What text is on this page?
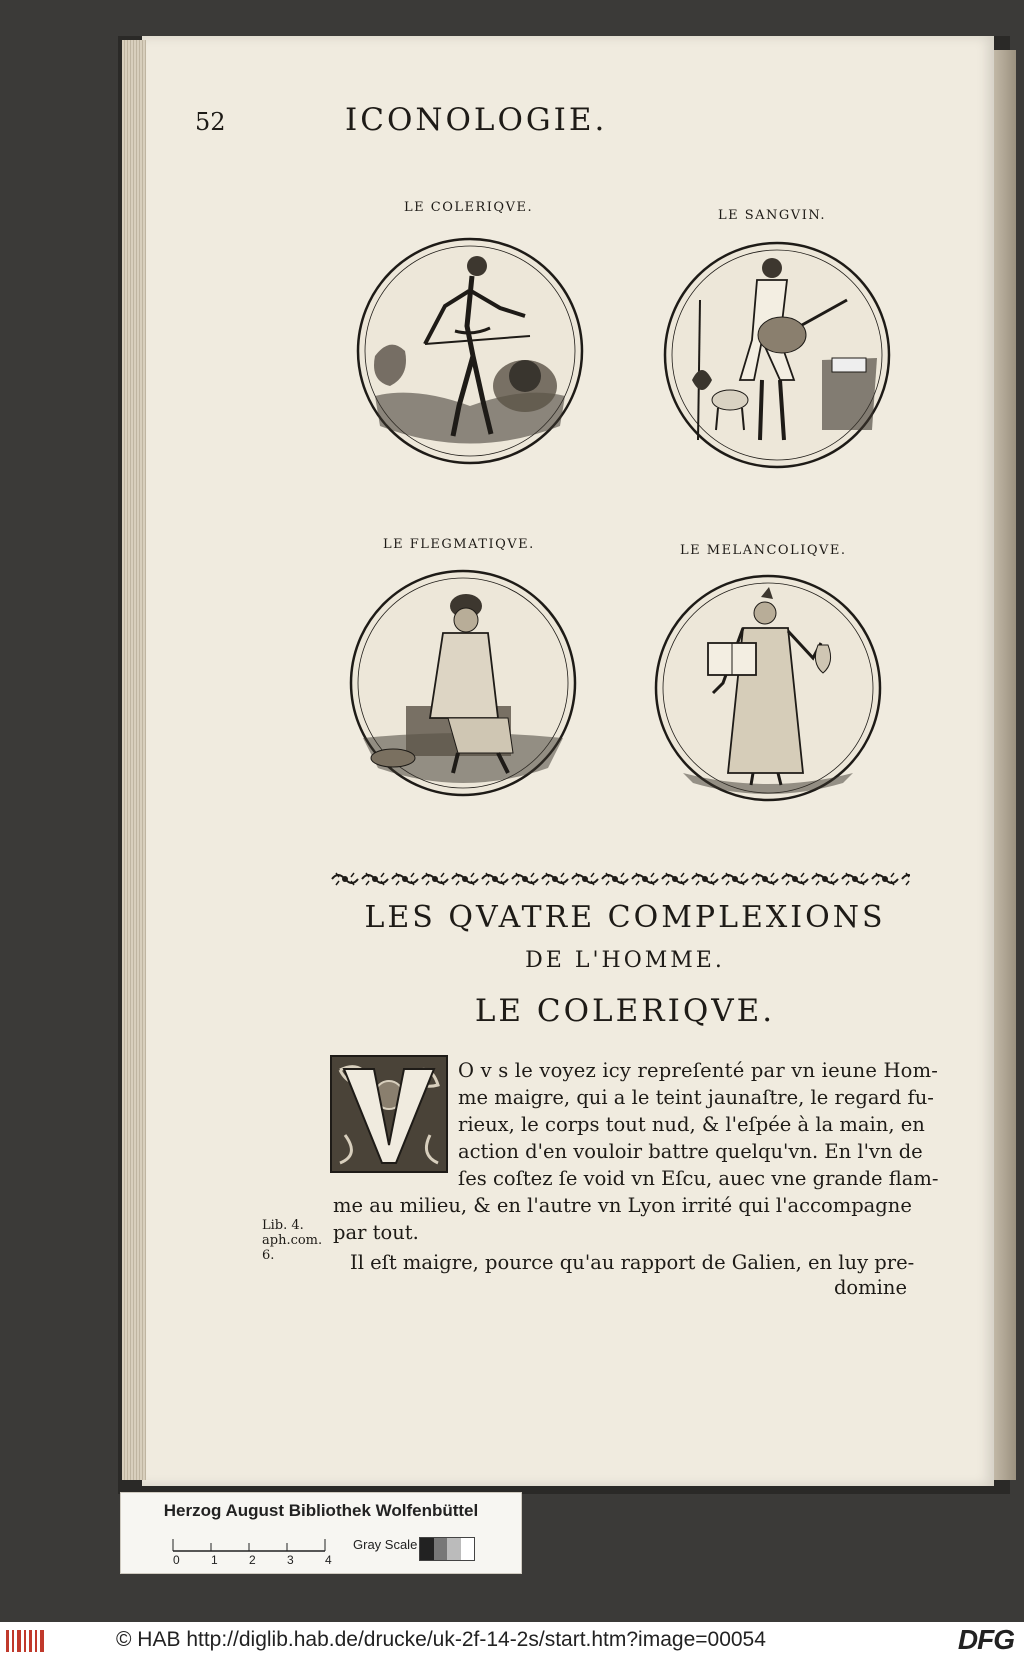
52	ICONOLOGIE.
LE COLERIQVE.
LE SANGVIN.
LE FLEGMATIQVE.	LE MELANCOLIQVE.
LES QVATRE COMPLEXIONS
DE L'HOMME.
LE COLERIQVE.
O v s le voyez icy repreſenté par vn ieune Hom-
me maigre, qui a le teint jaunaſtre, le regard fu-
rieux, le corps tout nud, & l'eſpée à la main, en
action d'en vouloir battre quelqu'vn. En l'vn de
ſes coſtez ſe void vn Eſcu, auec vne grande flam-
me au milieu, & en l'autre vn Lyon irrité qui l'accompagne
par tout.
Il eſt maigre, pource qu'au rapport de Galien, en luy pre-
domine
Lib. 4.
aph.com.
6.
Herzog August Bibliothek Wolfenbüttel
0	1	2	3	4
Gray Scale
© HAB http://diglib.hab.de/drucke/uk-2f-14-2s/start.htm?image=00054	DFG
